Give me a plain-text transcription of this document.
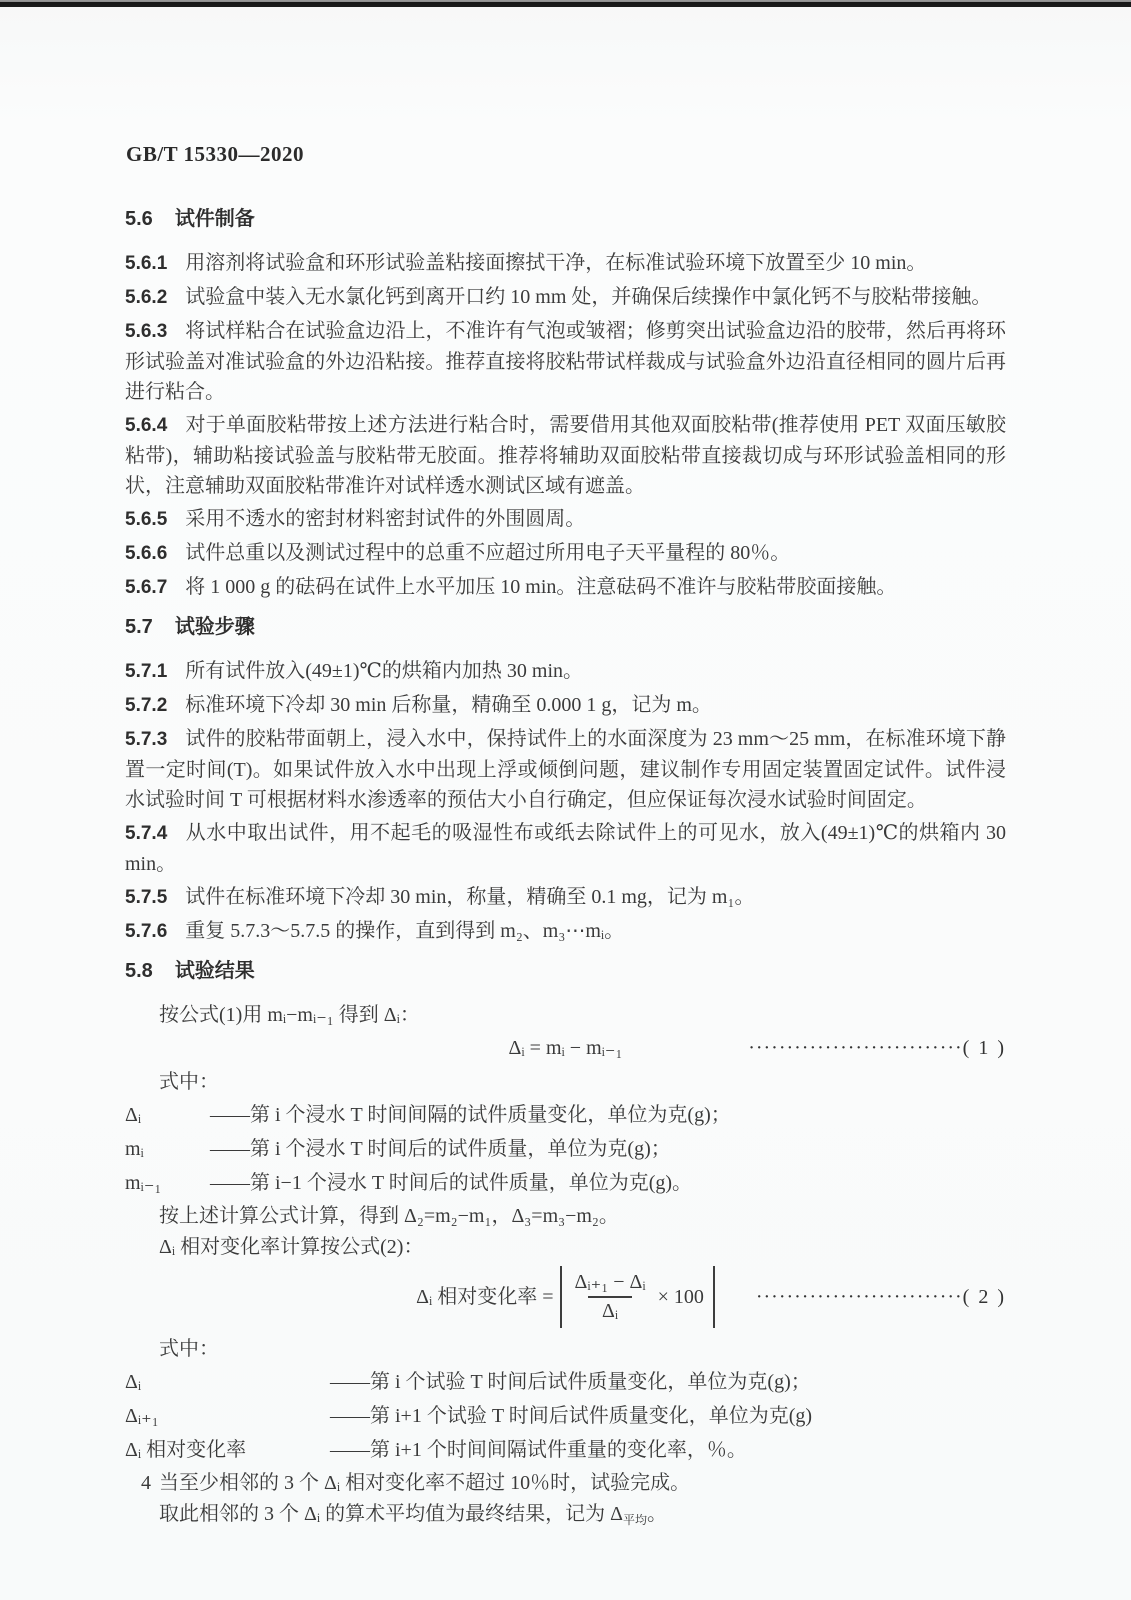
GB/T 15330—2020
5.6 试件制备

5.6.1 用溶剂将试验盒和环形试验盖粘接面擦拭干净，在标准试验环境下放置至少 10 min。

5.6.2 试验盒中装入无水氯化钙到离开口约 10 mm 处，并确保后续操作中氯化钙不与胶粘带接触。

5.6.3 将试样粘合在试验盒边沿上，不准许有气泡或皱褶；修剪突出试验盒边沿的胶带，然后再将环形试验盖对准试验盒的外边沿粘接。推荐直接将胶粘带试样裁成与试验盒外边沿直径相同的圆片后再进行粘合。

5.6.4 对于单面胶粘带按上述方法进行粘合时，需要借用其他双面胶粘带(推荐使用 PET 双面压敏胶粘带)，辅助粘接试验盖与胶粘带无胶面。推荐将辅助双面胶粘带直接裁切成与环形试验盖相同的形状，注意辅助双面胶粘带准许对试样透水测试区域有遮盖。

5.6.5 采用不透水的密封材料密封试件的外围圆周。

5.6.6 试件总重以及测试过程中的总重不应超过所用电子天平量程的 80％。

5.6.7 将 1 000 g 的砝码在试件上水平加压 10 min。注意砝码不准许与胶粘带胶面接触。

5.7 试验步骤

5.7.1 所有试件放入(49±1)℃的烘箱内加热 30 min。

5.7.2 标准环境下冷却 30 min 后称量，精确至 0.000 1 g，记为 m。

5.7.3 试件的胶粘带面朝上，浸入水中，保持试件上的水面深度为 23 mm～25 mm，在标准环境下静置一定时间(T)。如果试件放入水中出现上浮或倾倒问题，建议制作专用固定装置固定试件。试件浸水试验时间 T 可根据材料水渗透率的预估大小自行确定，但应保证每次浸水试验时间固定。

5.7.4 从水中取出试件，用不起毛的吸湿性布或纸去除试件上的可见水，放入(49±1)℃的烘箱内 30 min。

5.7.5 试件在标准环境下冷却 30 min，称量，精确至 0.1 mg，记为 m₁。

5.7.6 重复 5.7.3～5.7.5 的操作，直到得到 m₂、m₃⋯mᵢ。

5.8 试验结果

按公式(1)用 mᵢ−mᵢ₋₁ 得到 Δᵢ：

Δᵢ = mᵢ − mᵢ₋₁	····························( 1 )

式中：

Δᵢ	——第 i 个浸水 T 时间间隔的试件质量变化，单位为克(g)；
mᵢ	——第 i 个浸水 T 时间后的试件质量，单位为克(g)；
mᵢ₋₁	——第 i−1 个浸水 T 时间后的试件质量，单位为克(g)。

按上述计算公式计算，得到 Δ₂=m₂−m₁，Δ₃=m₃−m₂。

Δᵢ 相对变化率计算按公式(2)：

Δᵢ 相对变化率 = $\frac{\text{Δᵢ₊₁ − Δᵢ}}{\text{Δᵢ}} \times 100$	···························( 2 )

式中：

Δᵢ	——第 i 个试验 T 时间后试件质量变化，单位为克(g)；
Δᵢ₊₁	——第 i+1 个试验 T 时间后试件质量变化，单位为克(g)
Δᵢ 相对变化率	——第 i+1 个时间间隔试件重量的变化率，％。

当至少相邻的 3 个 Δᵢ 相对变化率不超过 10％时，试验完成。

取此相邻的 3 个 Δᵢ 的算术平均值为最终结果，记为 $\Delta_{平均}$。

4
